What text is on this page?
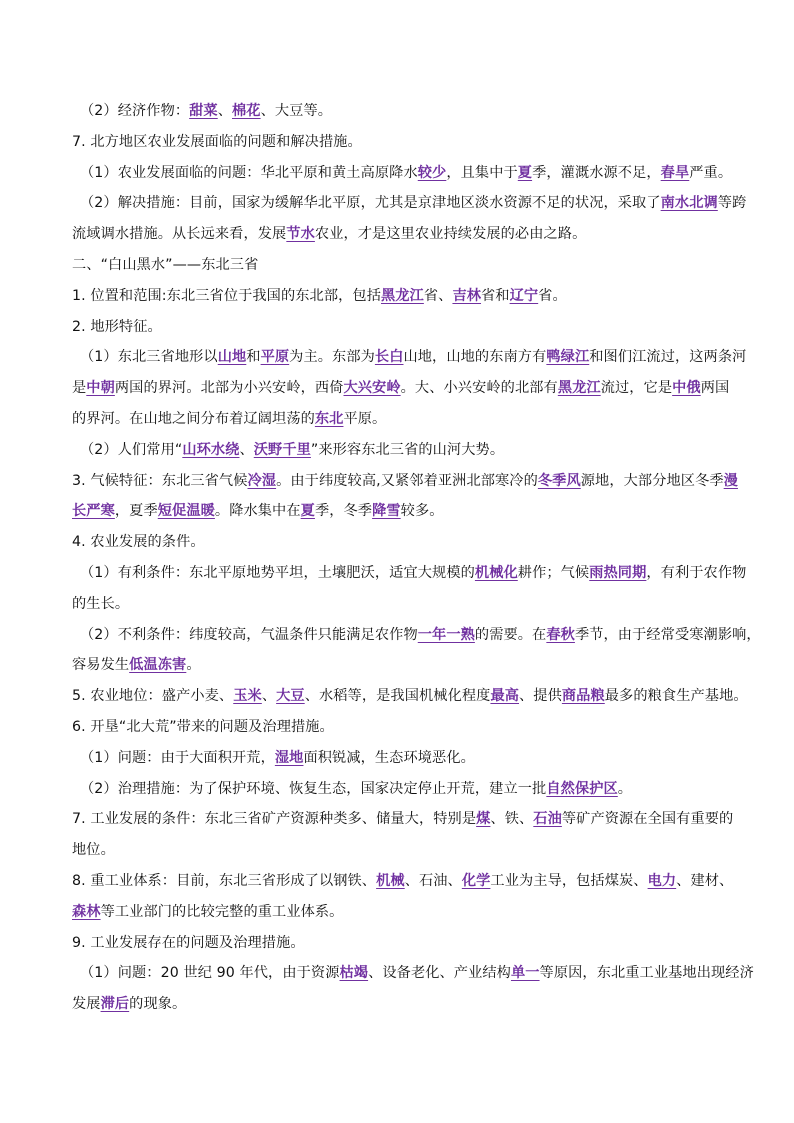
（2）经济作物：甜菜、棉花、大豆等。
7. 北方地区农业发展面临的问题和解决措施。
（1）农业发展面临的问题：华北平原和黄土高原降水较少，且集中于夏季，灌溉水源不足，春旱严重。
（2）解决措施：目前，国家为缓解华北平原，尤其是京津地区淡水资源不足的状况，采取了南水北调等跨
流域调水措施。从长远来看，发展节水农业，才是这里农业持续发展的必由之路。
二、“白山黑水”——东北三省
1. 位置和范围:东北三省位于我国的东北部，包括黑龙江省、吉林省和辽宁省。
2. 地形特征。
（1）东北三省地形以山地和平原为主。东部为长白山地，山地的东南方有鸭绿江和图们江流过，这两条河
是中朝两国的界河。北部为小兴安岭，西倚大兴安岭。大、小兴安岭的北部有黑龙江流过，它是中俄两国
的界河。在山地之间分布着辽阔坦荡的东北平原。
（2）人们常用“山环水绕、沃野千里”来形容东北三省的山河大势。
3. 气候特征：东北三省气候冷湿。由于纬度较高,又紧邻着亚洲北部寒冷的冬季风源地，大部分地区冬季漫
长严寒，夏季短促温暖。降水集中在夏季，冬季降雪较多。
4. 农业发展的条件。
（1）有利条件：东北平原地势平坦，土壤肥沃，适宜大规模的机械化耕作；气候雨热同期，有利于农作物
的生长。
（2）不利条件：纬度较高，气温条件只能满足农作物一年一熟的需要。在春秋季节，由于经常受寒潮影响，
容易发生低温冻害。
5. 农业地位：盛产小麦、玉米、大豆、水稻等，是我国机械化程度最高、提供商品粮最多的粮食生产基地。
6. 开垦“北大荒”带来的问题及治理措施。
（1）问题：由于大面积开荒，湿地面积锐减，生态环境恶化。
（2）治理措施：为了保护环境、恢复生态，国家决定停止开荒，建立一批自然保护区。
7. 工业发展的条件：东北三省矿产资源种类多、储量大，特别是煤、铁、石油等矿产资源在全国有重要的
地位。
8. 重工业体系：目前，东北三省形成了以钢铁、机械、石油、化学工业为主导，包括煤炭、电力、建材、
森林等工业部门的比较完整的重工业体系。
9. 工业发展存在的问题及治理措施。
（1）问题：20 世纪 90 年代，由于资源枯竭、设备老化、产业结构单一等原因，东北重工业基地出现经济
发展滞后的现象。
